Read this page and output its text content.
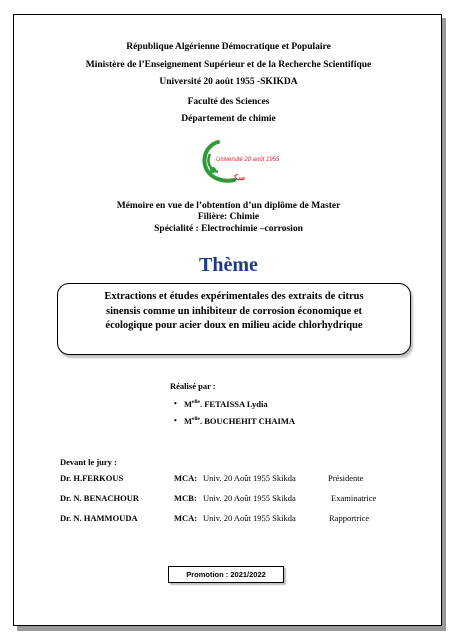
République Algérienne Démocratique et Populaire
Ministère de l’Enseignement Supérieur et de la Recherche Scientifique
Université 20 août 1955 -SKIKDA
Faculté des Sciences
Département de chimie
Université 20 août 1955
ﺳﻜ
Mémoire en vue de l’obtention d’un diplôme de Master
Filière: Chimie
Spécialité : Electrochimie –corrosion
Thème
Extractions et études expérimentales des extraits de citrus
sinensis comme un inhibiteur de corrosion économique et
écologique pour acier doux en milieu acide chlorhydrique
Réalisé par :
• $M^{elle}$. FETAISSA Lydia
• $M^{elle}$. BOUCHEHIT CHAIMA
Devant le jury :
Dr. H.FERKOUS	MCA: Univ. 20 Août 1955 Skikda	Présidente
Dr. N. BENACHOUR	MCB: Univ. 20 Août 1955 Skikda	Examinatrice
Dr. N. HAMMOUDA	MCA: Univ. 20 Août 1955 Skikda	Rapportrice
Promotion : 2021/2022
